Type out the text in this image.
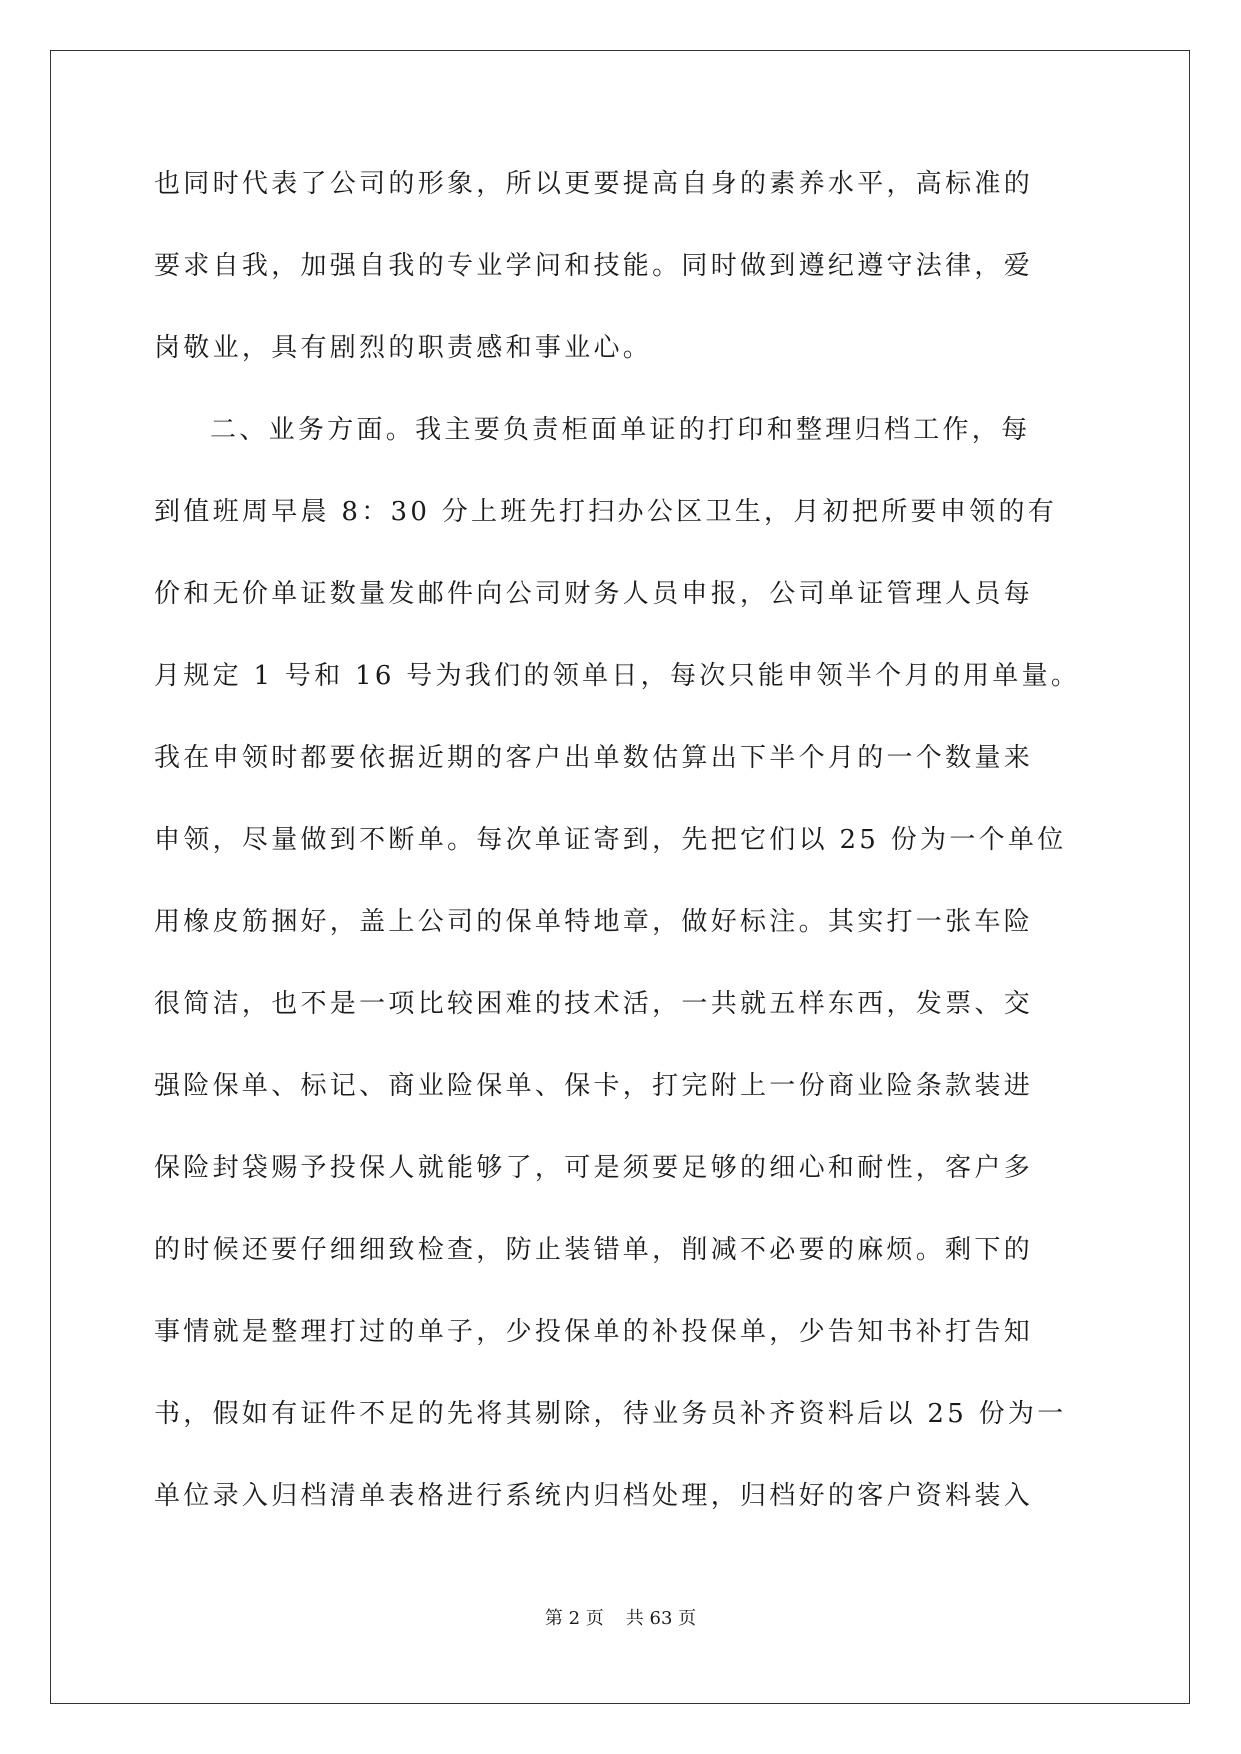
也同时代表了公司的形象，所以更要提高自身的素养水平，高标准的
要求自我，加强自我的专业学问和技能。同时做到遵纪遵守法律，爱
岗敬业，具有剧烈的职责感和事业心。
二、业务方面。我主要负责柜面单证的打印和整理归档工作，每
到值班周早晨 8：30 分上班先打扫办公区卫生，月初把所要申领的有
价和无价单证数量发邮件向公司财务人员申报，公司单证管理人员每
月规定 1 号和 16 号为我们的领单日，每次只能申领半个月的用单量。
我在申领时都要依据近期的客户出单数估算出下半个月的一个数量来
申领，尽量做到不断单。每次单证寄到，先把它们以 25 份为一个单位
用橡皮筋捆好，盖上公司的保单特地章，做好标注。其实打一张车险
很简洁，也不是一项比较困难的技术活，一共就五样东西，发票、交
强险保单、标记、商业险保单、保卡，打完附上一份商业险条款装进
保险封袋赐予投保人就能够了，可是须要足够的细心和耐性，客户多
的时候还要仔细细致检查，防止装错单，削减不必要的麻烦。剩下的
事情就是整理打过的单子，少投保单的补投保单，少告知书补打告知
书，假如有证件不足的先将其剔除，待业务员补齐资料后以 25 份为一
单位录入归档清单表格进行系统内归档处理，归档好的客户资料装入
第 2 页 共 63 页
